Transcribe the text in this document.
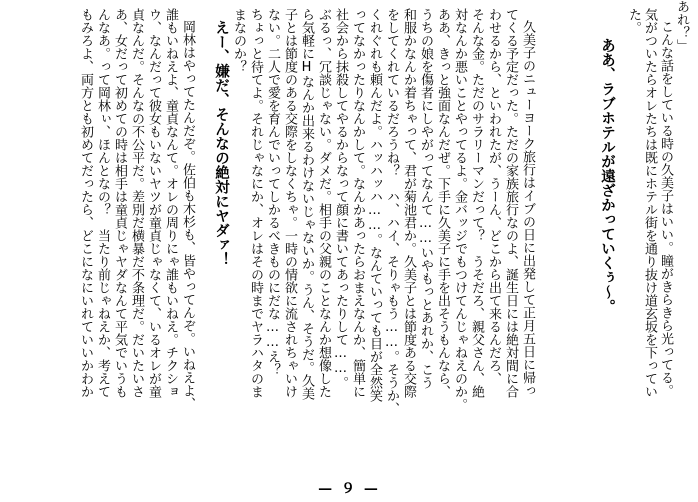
あれ？」
こんな話をしている時の久美子はいい。瞳がきらきら光ってる。
気がついたらオレたちは既にホテル街を通り抜け道玄坂を下ってい
た。
ああ、ラブホテルが遠ざかっていくぅ～。
久美子のニューヨーク旅行はイブの日に出発して正月五日に帰っ
てくる予定だった。ただの家族旅行なのよ、誕生日には絶対間に合
わせるから、といわれたが、うーん、どこから出て来るんだろ、
そんな金。ただのサラリーマンだって？　うそだろ、親父さん、絶
対なんか悪いことやってるよ。金バッジでもつけてんじゃねえのか。
ああ、きっと強面なんだぜ。下手に久美子に手を出そうもんなら、
うちの娘を傷者にしやがってなんて……いやもっとあれか、こう
和服かなんか着ちゃって、君が菊池君か。久美子とは節度ある交際
をしてくれているだろうね？　ハ、ハイ、そりゃもう……。そうか、
くれぐれも頼んだよ。ハッハッハ……。なんていっても目が全然笑
ってなかったりなんかして。なんかあったらおまえなんか、簡単に
社会から抹殺してやるからなって顔に書いてあったりして……。
ぶるっ、冗談じゃない。ダメだ。相手の父親のことなんか想像した
ら気軽にHなんか出来るわけないじゃないか。うん、そうだ。久美
子とは節度のある交際をしなくちゃ。一時の情欲に流されちゃいけ
ない。二人で愛を育んでいってしかるべきものにだな……え？
ちょっと待てよ。それじゃなにか、オレはその時までヤラハタのま
まなのか？
えー、嫌だ、そんなの絶対にヤダァ！
岡林はやってたんだぞ。佐伯も木杉も、皆やってんぞ。いねえよ、
誰もいねえよ、童貞なんて。オレの周りにゃ誰もいねえ。チクショ
ウ、なんだって彼女もいないヤツが童貞じゃなくて、いるオレが童
貞なんだ。そんなの不公平だ。差別だ横暴だ不条理だ。だいたいさ
あ、女だって初めての時は相手は童貞じゃヤダなんて平気でいうも
んなあ。って岡林ぃ、ほんとなの？　当たり前じゃねえか、考えて
もみろよ、両方とも初めてだったら、どこになにいれていいかわか
— ９ —
